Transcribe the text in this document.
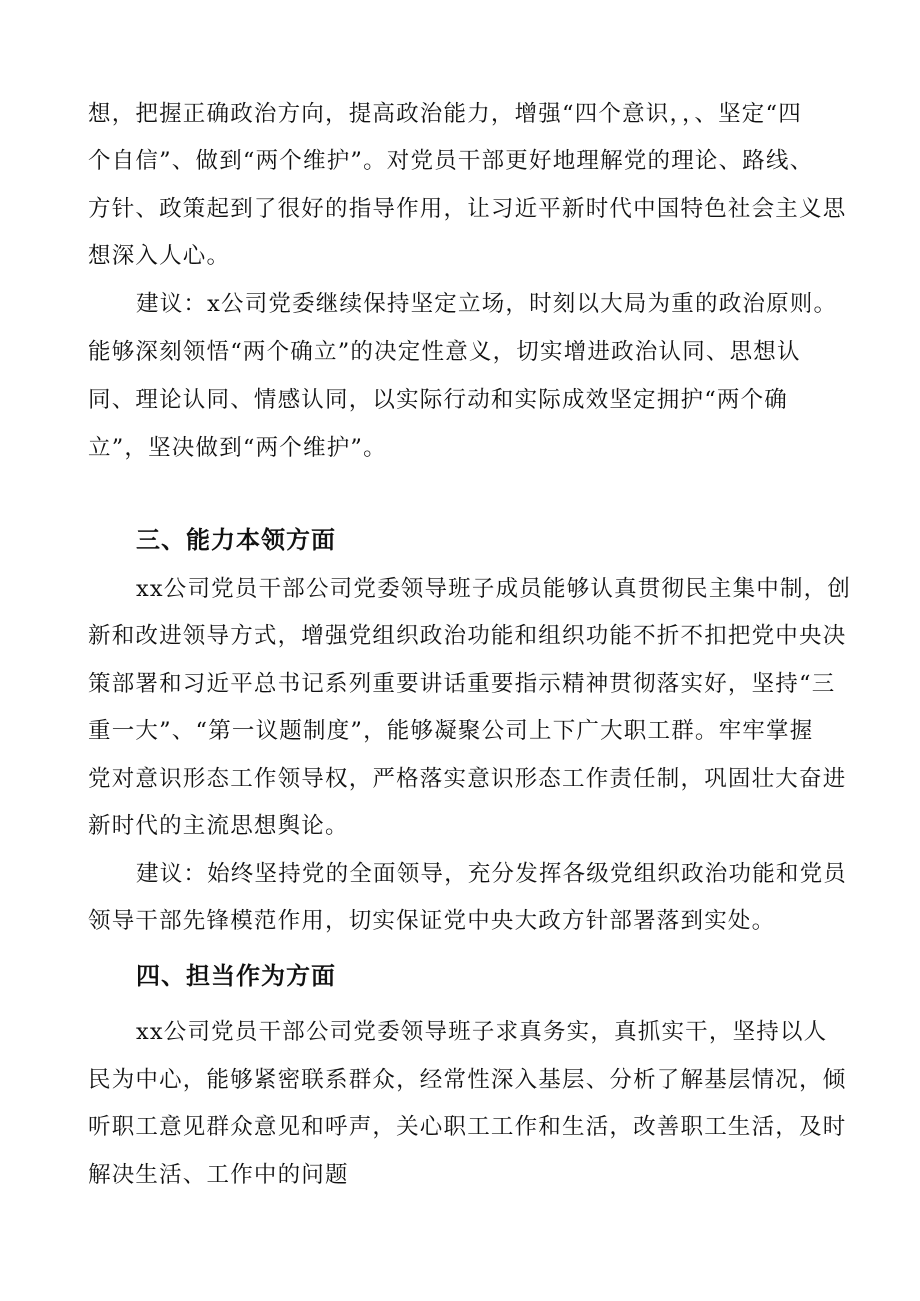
想，把握正确政治方向，提高政治能力，增强“四个意识，，、坚定“四
个自信”、做到“两个维护”。对党员干部更好地理解党的理论、路线、
方针、政策起到了很好的指导作用，让习近平新时代中国特色社会主义思
想深入人心。
建议：x公司党委继续保持坚定立场，时刻以大局为重的政治原则。
能够深刻领悟“两个确立”的决定性意义，切实增进政治认同、思想认
同、理论认同、情感认同，以实际行动和实际成效坚定拥护“两个确
立”，坚决做到“两个维护”。
三、能力本领方面
xx公司党员干部公司党委领导班子成员能够认真贯彻民主集中制，创
新和改进领导方式，增强党组织政治功能和组织功能不折不扣把党中央决
策部署和习近平总书记系列重要讲话重要指示精神贯彻落实好，坚持“三
重一大”、“第一议题制度”，能够凝聚公司上下广大职工群。牢牢掌握
党对意识形态工作领导权，严格落实意识形态工作责任制，巩固壮大奋进
新时代的主流思想舆论。
建议：始终坚持党的全面领导，充分发挥各级党组织政治功能和党员
领导干部先锋模范作用，切实保证党中央大政方针部署落到实处。
四、担当作为方面
xx公司党员干部公司党委领导班子求真务实，真抓实干，坚持以人
民为中心，能够紧密联系群众，经常性深入基层、分析了解基层情况，倾
听职工意见群众意见和呼声，关心职工工作和生活，改善职工生活，及时
解决生活、工作中的问题
